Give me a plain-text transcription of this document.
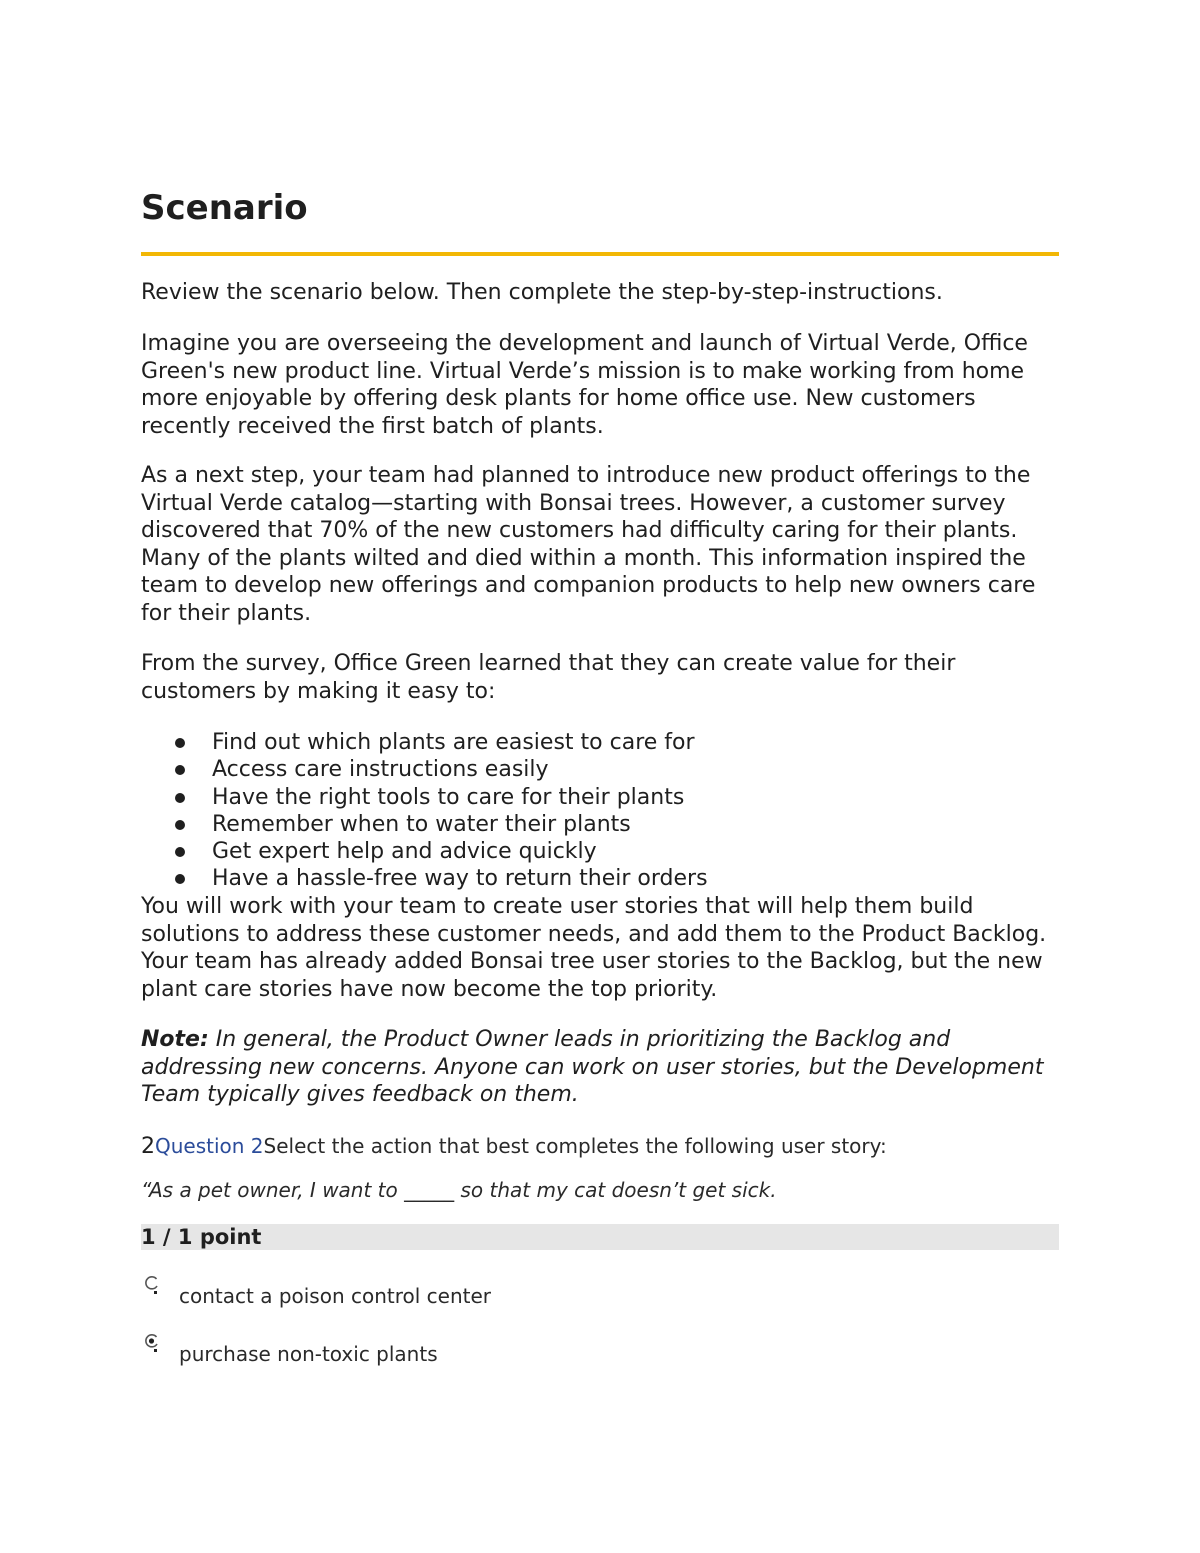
Scenario

Review the scenario below. Then complete the step-by-step-instructions.

Imagine you are overseeing the development and launch of Virtual Verde, Office Green's new product line. Virtual Verde’s mission is to make working from home more enjoyable by offering desk plants for home office use. New customers recently received the first batch of plants.

As a next step, your team had planned to introduce new product offerings to the Virtual Verde catalog—starting with Bonsai trees. However, a customer survey discovered that 70% of the new customers had difficulty caring for their plants. Many of the plants wilted and died within a month. This information inspired the team to develop new offerings and companion products to help new owners care for their plants.

From the survey, Office Green learned that they can create value for their customers by making it easy to:

Find out which plants are easiest to care for
Access care instructions easily
Have the right tools to care for their plants
Remember when to water their plants
Get expert help and advice quickly
Have a hassle-free way to return their orders

You will work with your team to create user stories that will help them build solutions to address these customer needs, and add them to the Product Backlog. Your team has already added Bonsai tree user stories to the Backlog, but the new plant care stories have now become the top priority.

Note: In general, the Product Owner leads in prioritizing the Backlog and addressing new concerns. Anyone can work on user stories, but the Development Team typically gives feedback on them.

2Question 2Select the action that best completes the following user story:

“As a pet owner, I want to _____ so that my cat doesn’t get sick.

1 / 1 point
contact a poison control center
purchase non-toxic plants
